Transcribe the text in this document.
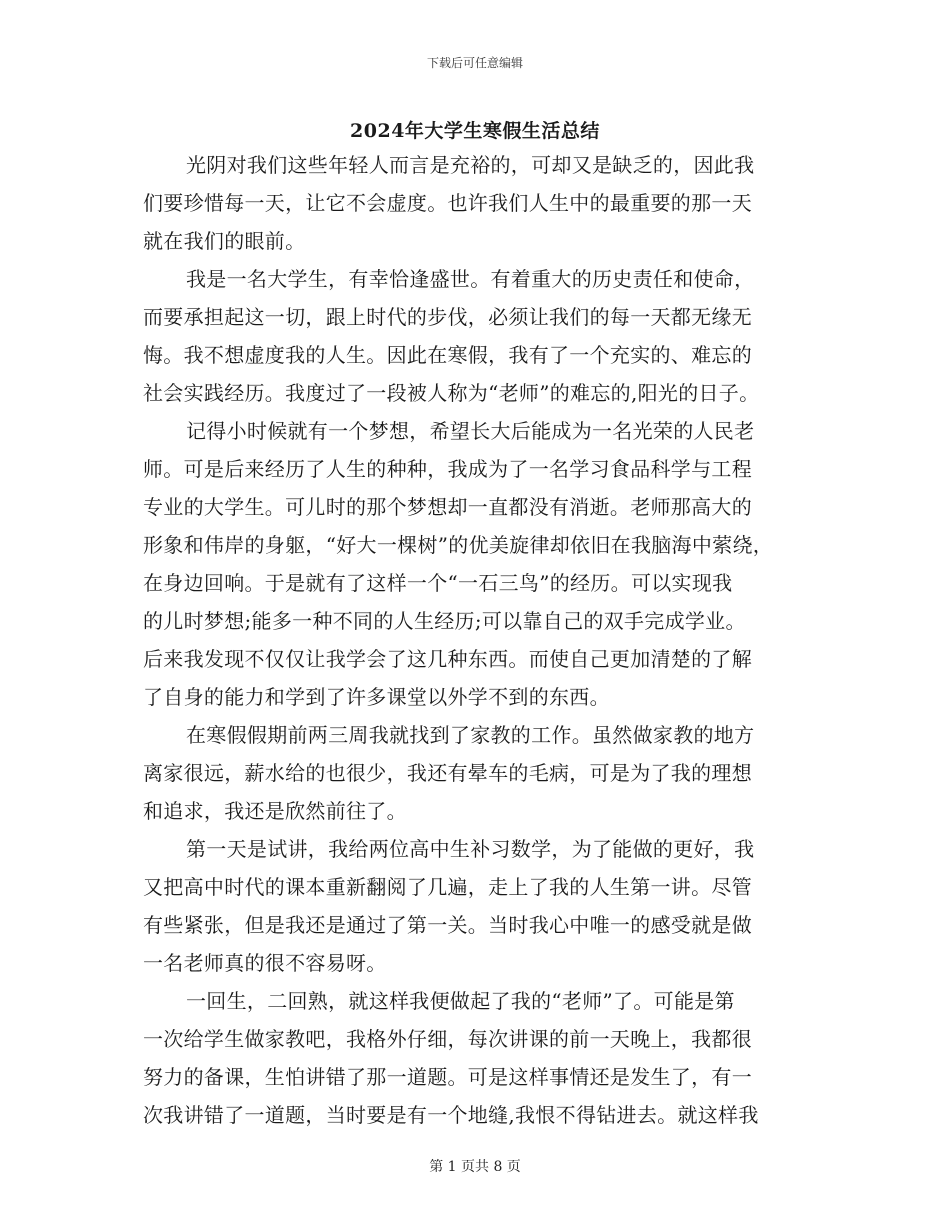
下载后可任意编辑
2024年大学生寒假生活总结
光阴对我们这些年轻人而言是充裕的，可却又是缺乏的，因此我
们要珍惜每一天，让它不会虚度。也许我们人生中的最重要的那一天
就在我们的眼前。
我是一名大学生，有幸恰逢盛世。有着重大的历史责任和使命，
而要承担起这一切，跟上时代的步伐，必须让我们的每一天都无缘无
悔。我不想虚度我的人生。因此在寒假，我有了一个充实的、难忘的
社会实践经历。我度过了一段被人称为“老师”的难忘的,阳光的日子。
记得小时候就有一个梦想，希望长大后能成为一名光荣的人民老
师。可是后来经历了人生的种种，我成为了一名学习食品科学与工程
专业的大学生。可儿时的那个梦想却一直都没有消逝。老师那高大的
形象和伟岸的身躯，“好大一棵树”的优美旋律却依旧在我脑海中萦绕，
在身边回响。于是就有了这样一个“一石三鸟”的经历。可以实现我
的儿时梦想;能多一种不同的人生经历;可以靠自己的双手完成学业。
后来我发现不仅仅让我学会了这几种东西。而使自己更加清楚的了解
了自身的能力和学到了许多课堂以外学不到的东西。
在寒假假期前两三周我就找到了家教的工作。虽然做家教的地方
离家很远，薪水给的也很少，我还有晕车的毛病，可是为了我的理想
和追求，我还是欣然前往了。
第一天是试讲，我给两位高中生补习数学，为了能做的更好，我
又把高中时代的课本重新翻阅了几遍，走上了我的人生第一讲。尽管
有些紧张，但是我还是通过了第一关。当时我心中唯一的感受就是做
一名老师真的很不容易呀。
一回生，二回熟，就这样我便做起了我的“老师”了。可能是第
一次给学生做家教吧，我格外仔细，每次讲课的前一天晚上，我都很
努力的备课，生怕讲错了那一道题。可是这样事情还是发生了，有一
次我讲错了一道题，当时要是有一个地缝,我恨不得钻进去。就这样我
第 1 页共 8 页
